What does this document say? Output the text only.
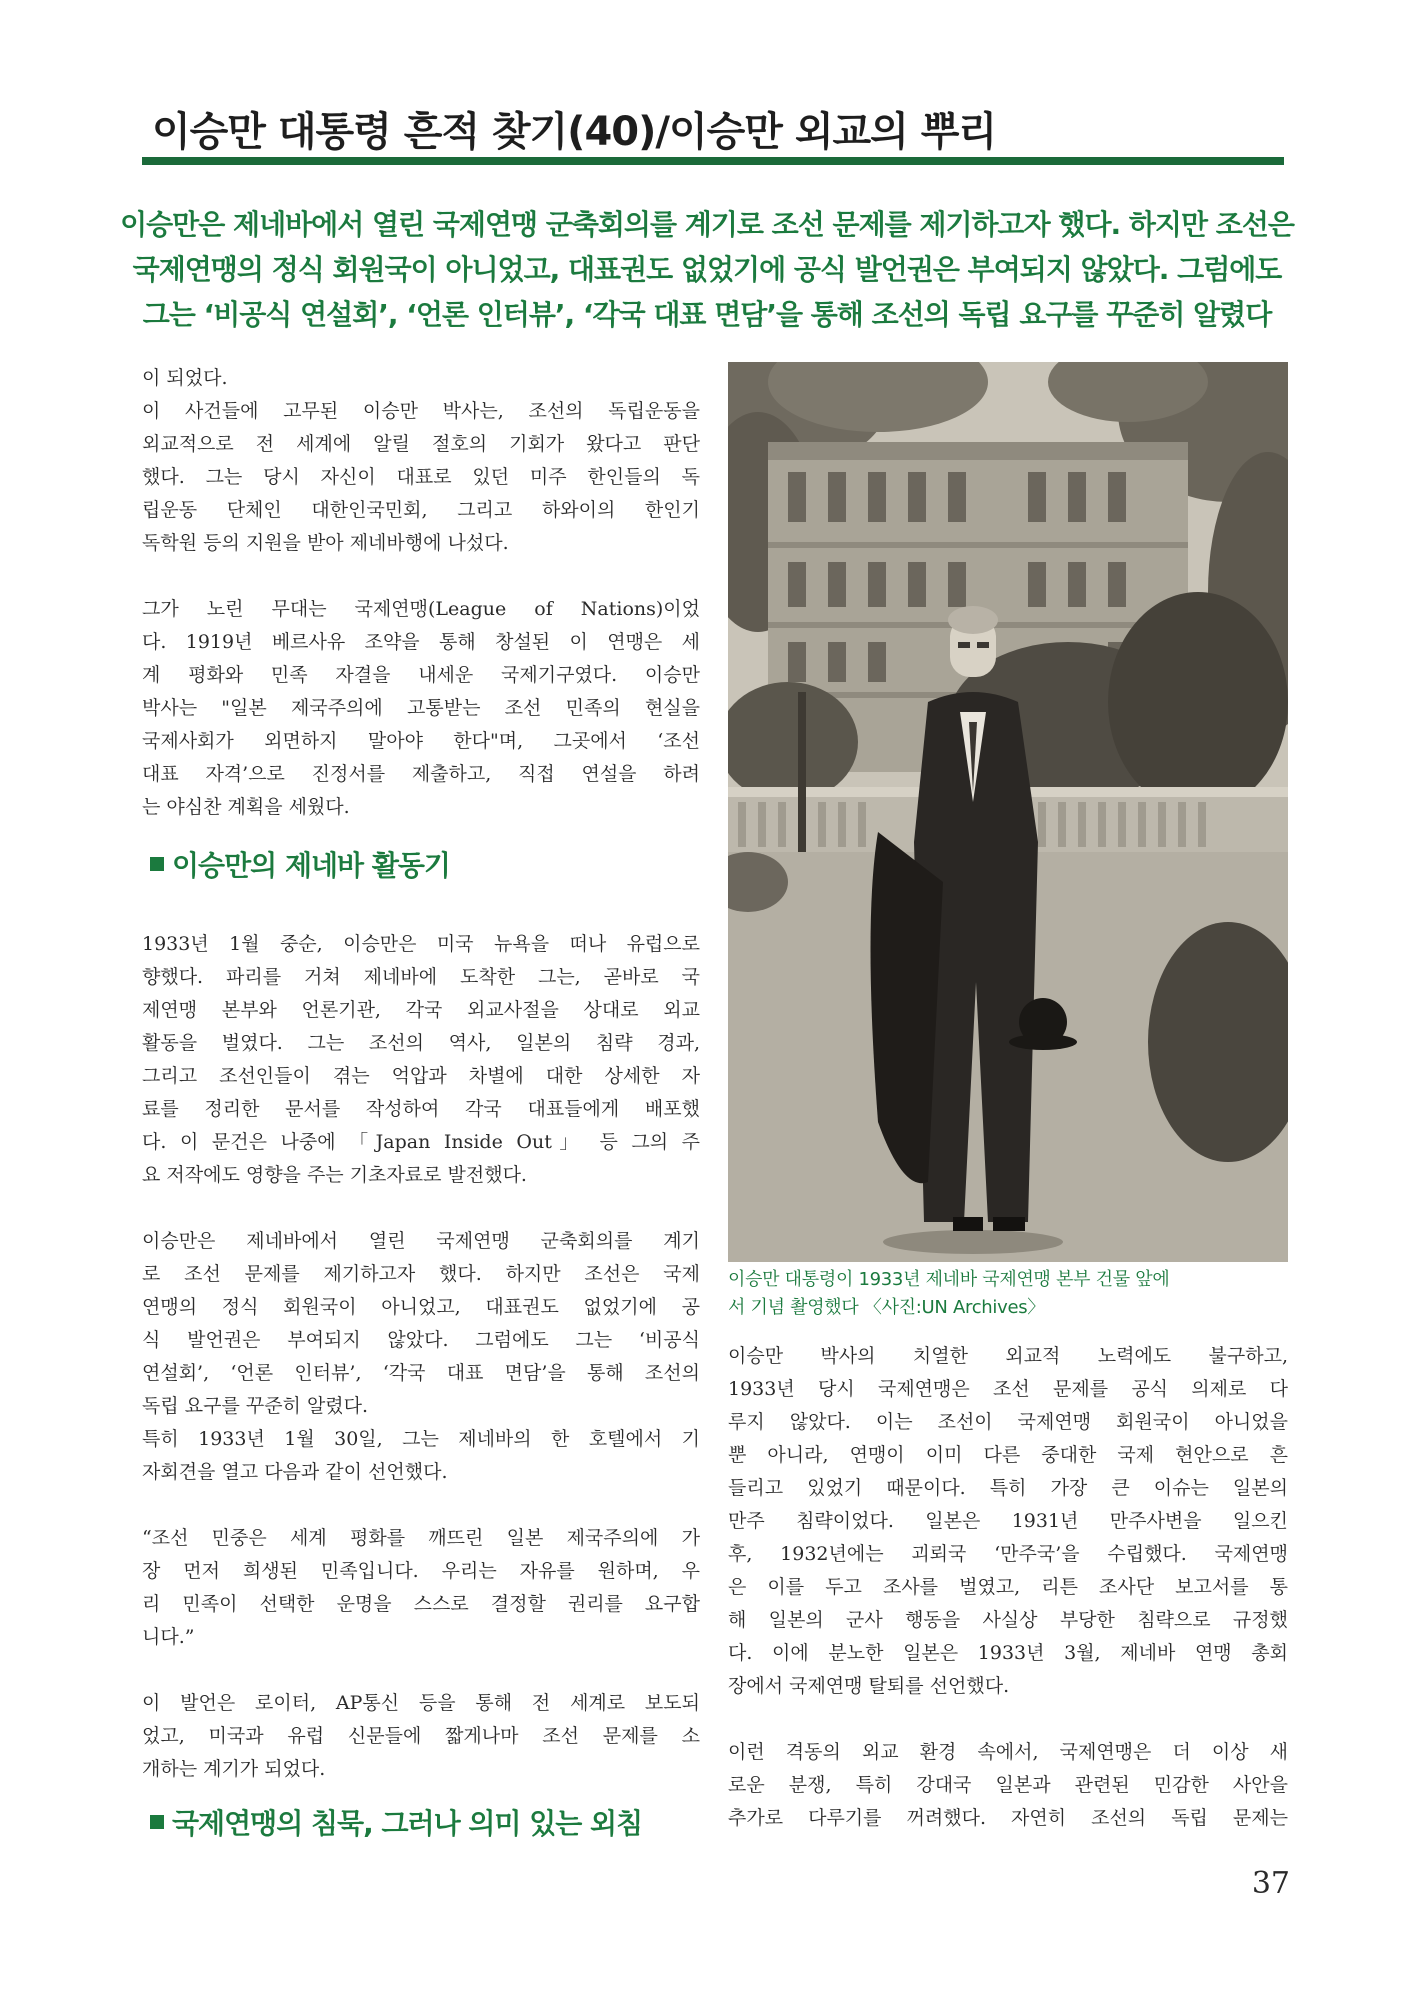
이승만 대통령 흔적 찾기(40)/이승만 외교의 뿌리
이승만은 제네바에서 열린 국제연맹 군축회의를 계기로 조선 문제를 제기하고자 했다. 하지만 조선은
국제연맹의 정식 회원국이 아니었고, 대표권도 없었기에 공식 발언권은 부여되지 않았다. 그럼에도
그는 ‘비공식 연설회’, ‘언론 인터뷰’, ‘각국 대표 면담’을 통해 조선의 독립 요구를 꾸준히 알렸다
이 되었다.
이 사건들에 고무된 이승만 박사는, 조선의 독립운동을
외교적으로 전 세계에 알릴 절호의 기회가 왔다고 판단
했다. 그는 당시 자신이 대표로 있던 미주 한인들의 독
립운동 단체인 대한인국민회, 그리고 하와이의 한인기
독학원 등의 지원을 받아 제네바행에 나섰다.
그가 노린 무대는 국제연맹(League of Nations)이었
다. 1919년 베르사유 조약을 통해 창설된 이 연맹은 세
계 평화와 민족 자결을 내세운 국제기구였다. 이승만
박사는 "일본 제국주의에 고통받는 조선 민족의 현실을
국제사회가 외면하지 말아야 한다"며, 그곳에서 ‘조선
대표 자격’으로 진정서를 제출하고, 직접 연설을 하려
는 야심찬 계획을 세웠다.
이승만의 제네바 활동기
1933년 1월 중순, 이승만은 미국 뉴욕을 떠나 유럽으로
향했다. 파리를 거쳐 제네바에 도착한 그는, 곧바로 국
제연맹 본부와 언론기관, 각국 외교사절을 상대로 외교
활동을 벌였다. 그는 조선의 역사, 일본의 침략 경과,
그리고 조선인들이 겪는 억압과 차별에 대한 상세한 자
료를 정리한 문서를 작성하여 각국 대표들에게 배포했
다. 이 문건은 나중에 「Japan Inside Out」 등 그의 주
요 저작에도 영향을 주는 기초자료로 발전했다.
이승만은 제네바에서 열린 국제연맹 군축회의를 계기
로 조선 문제를 제기하고자 했다. 하지만 조선은 국제
연맹의 정식 회원국이 아니었고, 대표권도 없었기에 공
식 발언권은 부여되지 않았다. 그럼에도 그는 ‘비공식
연설회’, ‘언론 인터뷰’, ‘각국 대표 면담’을 통해 조선의
독립 요구를 꾸준히 알렸다.
특히 1933년 1월 30일, 그는 제네바의 한 호텔에서 기
자회견을 열고 다음과 같이 선언했다.
“조선 민중은 세계 평화를 깨뜨린 일본 제국주의에 가
장 먼저 희생된 민족입니다. 우리는 자유를 원하며, 우
리 민족이 선택한 운명을 스스로 결정할 권리를 요구합
니다.”
이 발언은 로이터, AP통신 등을 통해 전 세계로 보도되
었고, 미국과 유럽 신문들에 짧게나마 조선 문제를 소
개하는 계기가 되었다.
국제연맹의 침묵, 그러나 의미 있는 외침
이승만 대통령이 1933년 제네바 국제연맹 본부 건물 앞에
서 기념 촬영했다 〈사진:UN Archives〉
이승만 박사의 치열한 외교적 노력에도 불구하고,
1933년 당시 국제연맹은 조선 문제를 공식 의제로 다
루지 않았다. 이는 조선이 국제연맹 회원국이 아니었을
뿐 아니라, 연맹이 이미 다른 중대한 국제 현안으로 흔
들리고 있었기 때문이다. 특히 가장 큰 이슈는 일본의
만주 침략이었다. 일본은 1931년 만주사변을 일으킨
후, 1932년에는 괴뢰국 ‘만주국’을 수립했다. 국제연맹
은 이를 두고 조사를 벌였고, 리튼 조사단 보고서를 통
해 일본의 군사 행동을 사실상 부당한 침략으로 규정했
다. 이에 분노한 일본은 1933년 3월, 제네바 연맹 총회
장에서 국제연맹 탈퇴를 선언했다.
이런 격동의 외교 환경 속에서, 국제연맹은 더 이상 새
로운 분쟁, 특히 강대국 일본과 관련된 민감한 사안을
추가로 다루기를 꺼려했다. 자연히 조선의 독립 문제는
37
